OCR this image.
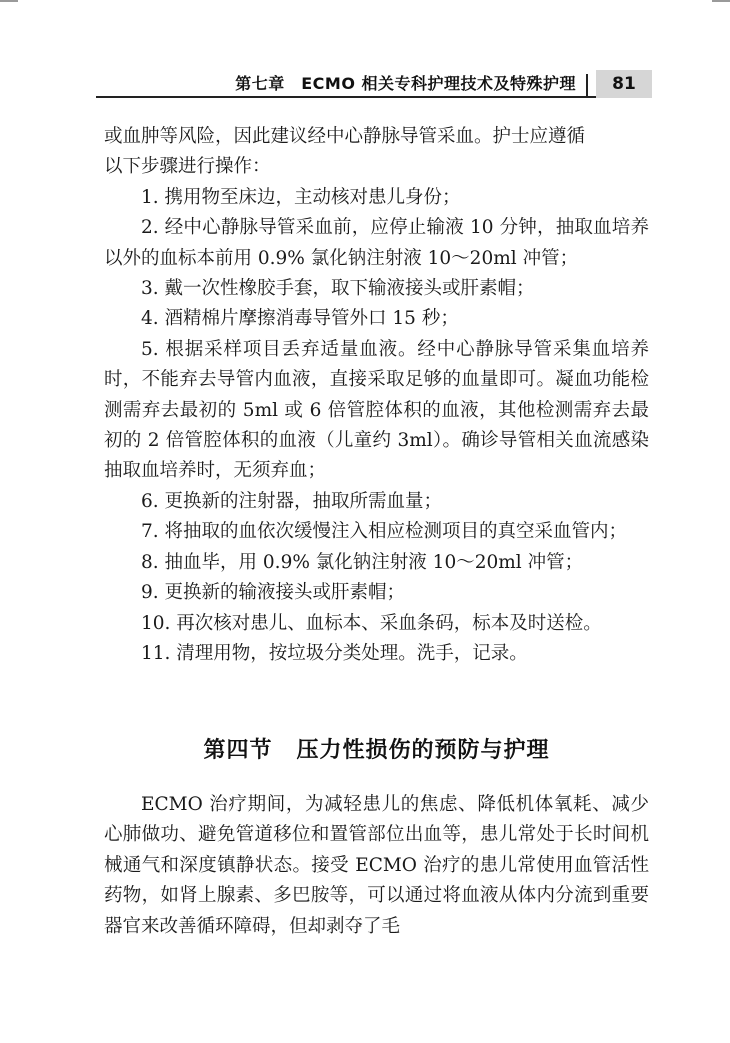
第七章　ECMO 相关专科护理技术及特殊护理	81

或血肿等风险，因此建议经中心静脉导管采血。护士应遵循

以下步骤进行操作：

1. 携用物至床边，主动核对患儿身份；

2. 经中心静脉导管采血前，应停止输液 10 分钟，抽取血培养以外的血标本前用 0.9% 氯化钠注射液 10～20ml 冲管；

3. 戴一次性橡胶手套，取下输液接头或肝素帽；

4. 酒精棉片摩擦消毒导管外口 15 秒；

5. 根据采样项目丢弃适量血液。经中心静脉导管采集血培养时，不能弃去导管内血液，直接采取足够的血量即可。凝血功能检测需弃去最初的 5ml 或 6 倍管腔体积的血液，其他检测需弃去最初的 2 倍管腔体积的血液（儿童约 3ml）。确诊导管相关血流感染抽取血培养时，无须弃血；

6. 更换新的注射器，抽取所需血量；

7. 将抽取的血依次缓慢注入相应检测项目的真空采血管内；

8. 抽血毕，用 0.9% 氯化钠注射液 10～20ml 冲管；

9. 更换新的输液接头或肝素帽；

10. 再次核对患儿、血标本、采血条码，标本及时送检。

11. 清理用物，按垃圾分类处理。洗手，记录。

第四节 压力性损伤的预防与护理

ECMO 治疗期间，为减轻患儿的焦虑、降低机体氧耗、减少心肺做功、避免管道移位和置管部位出血等，患儿常处于长时间机械通气和深度镇静状态。接受 ECMO 治疗的患儿常使用血管活性药物，如肾上腺素、多巴胺等，可以通过将血液从体内分流到重要器官来改善循环障碍，但却剥夺了毛
